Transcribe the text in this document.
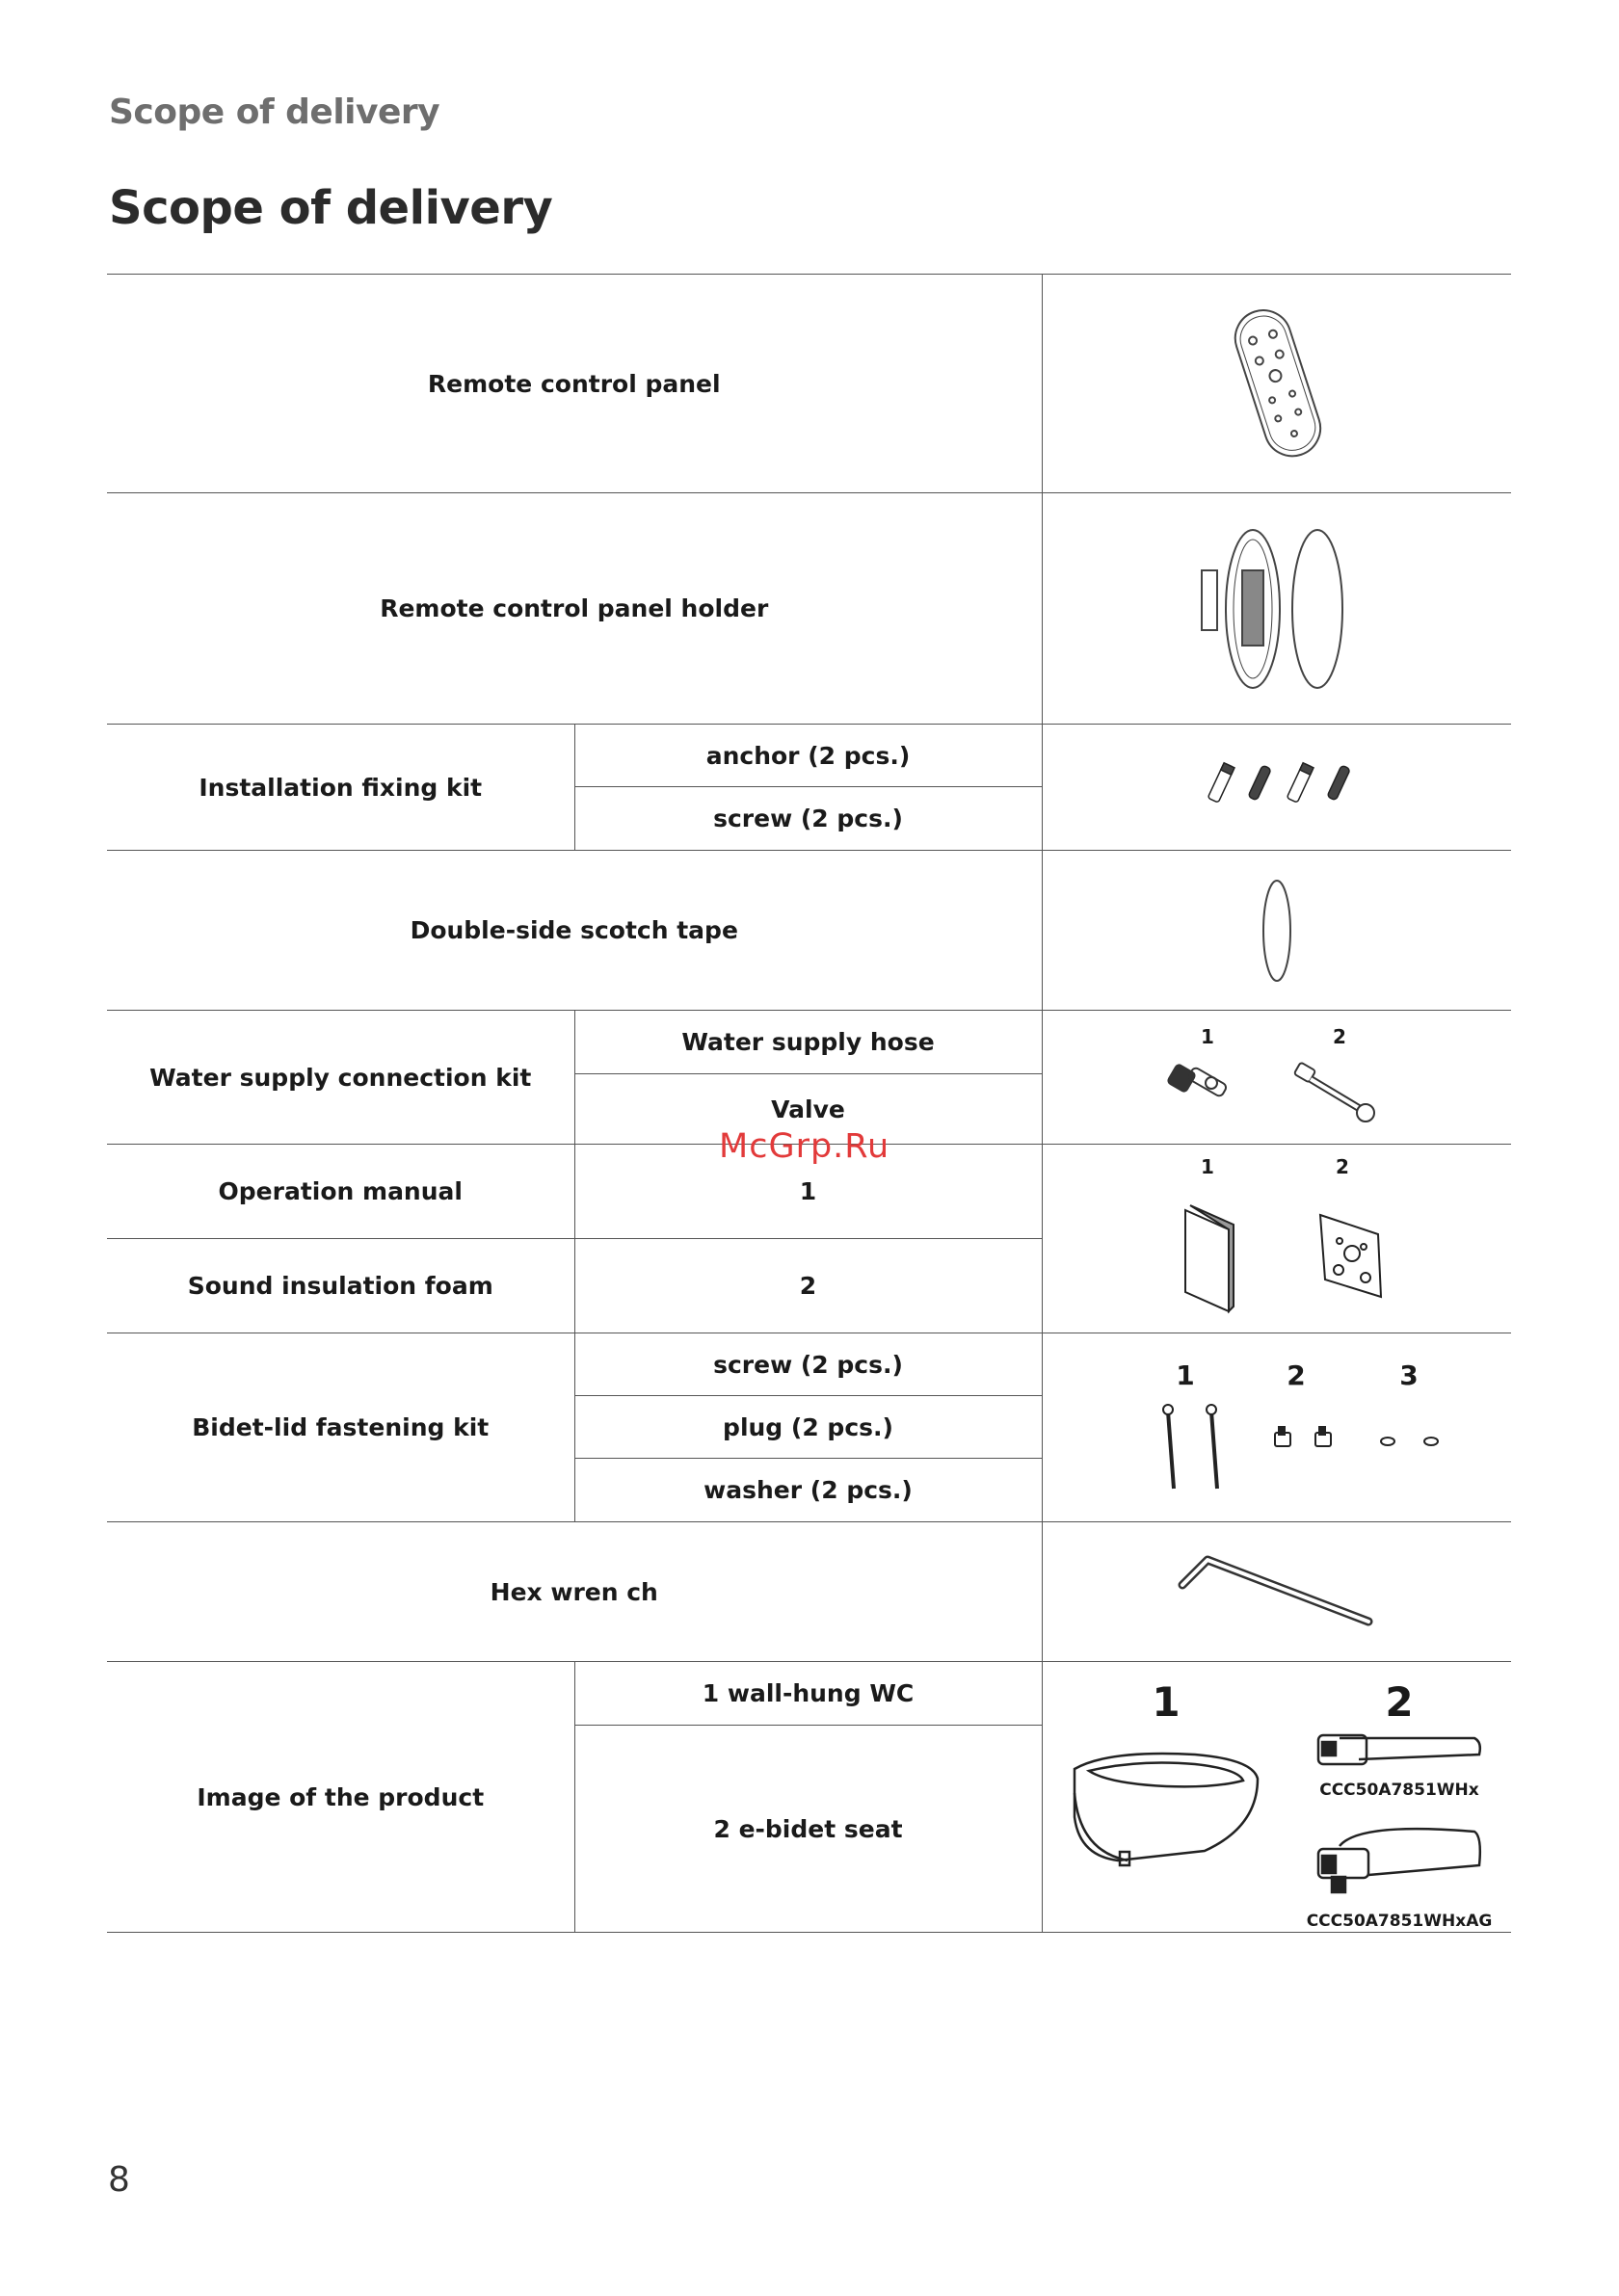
Scope of delivery
Scope of delivery
Remote control panel	

Remote control panel holder	

Installation fixing kit	anchor (2 pcs.)	

	screw (2 pcs.)	
Double-side scotch tape	

Water supply connection kit	Water supply hose	1 2

	Valve	
Operation manual	1	1 2

Sound insulation foam	2	
Bidet-lid fastening kit	screw (2 pcs.)	1 2 3

	plug (2 pcs.)	
	washer (2 pcs.)	
Hex wren ch	

Image of the product	1 wall-hung WC	1 2
CCC50A7851WHx
CCC50A7851WHxAG

	2 e-bidet seat	
McGrp.Ru
8
